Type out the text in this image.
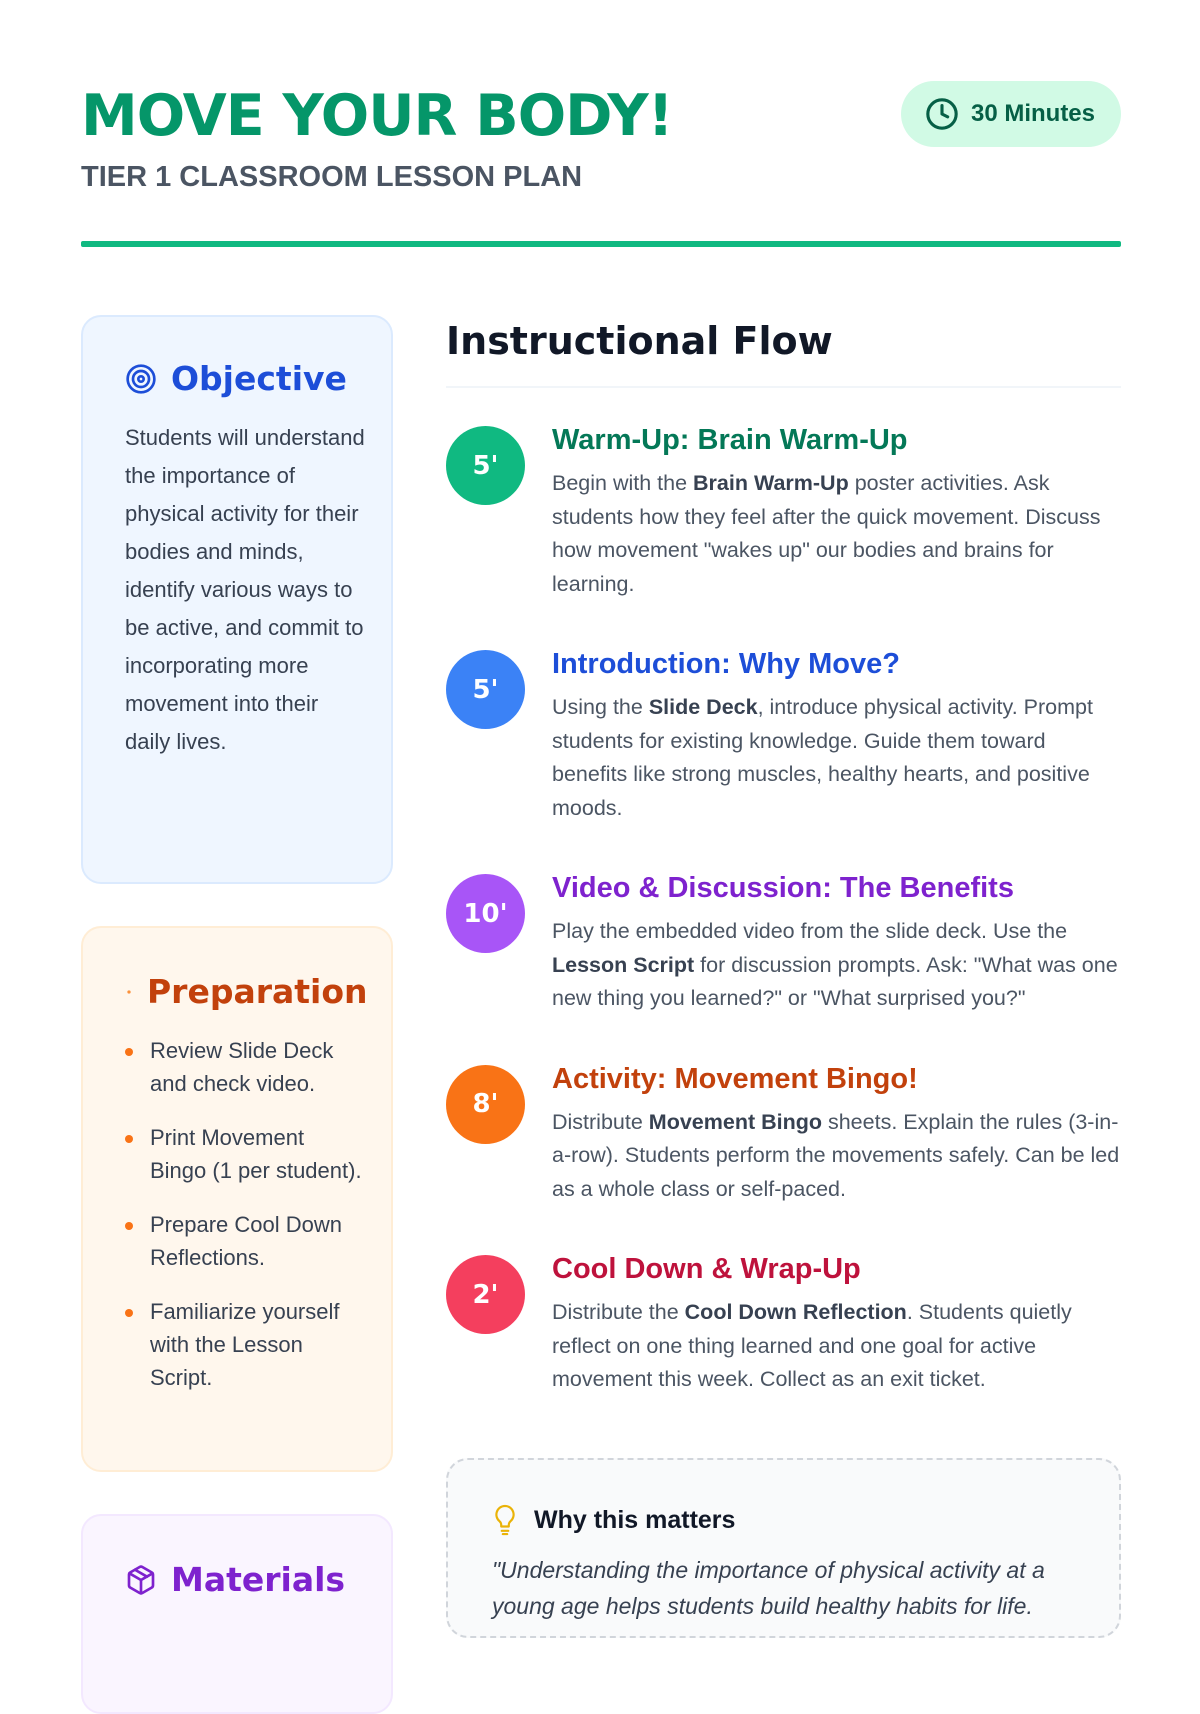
MOVE YOUR BODY!
TIER 1 CLASSROOM LESSON PLAN
30 Minutes
Objective

Students will understand the importance of physical activity for their bodies and minds, identify various ways to be active, and commit to incorporating more movement into their daily lives.

Preparation
Review Slide Deck and check video.
Print Movement Bingo (1 per student).
Prepare Cool Down Reflections.
Familiarize yourself with the Lesson Script.
Materials
Instructional Flow
5'
Warm-Up: Brain Warm-Up

Begin with the Brain Warm-Up poster activities. Ask students how they feel after the quick movement. Discuss how movement "wakes up" our bodies and brains for learning.

5'
Introduction: Why Move?

Using the Slide Deck, introduce physical activity. Prompt students for existing knowledge. Guide them toward benefits like strong muscles, healthy hearts, and positive moods.

10'
Video & Discussion: The Benefits

Play the embedded video from the slide deck. Use the Lesson Script for discussion prompts. Ask: "What was one new thing you learned?" or "What surprised you?"

8'
Activity: Movement Bingo!

Distribute Movement Bingo sheets. Explain the rules (3-in-a-row). Students perform the movements safely. Can be led as a whole class or self-paced.

2'
Cool Down & Wrap-Up

Distribute the Cool Down Reflection. Students quietly reflect on one thing learned and one goal for active movement this week. Collect as an exit ticket.

Why this matters

"Understanding the importance of physical activity at a young age helps students build healthy habits for life.
